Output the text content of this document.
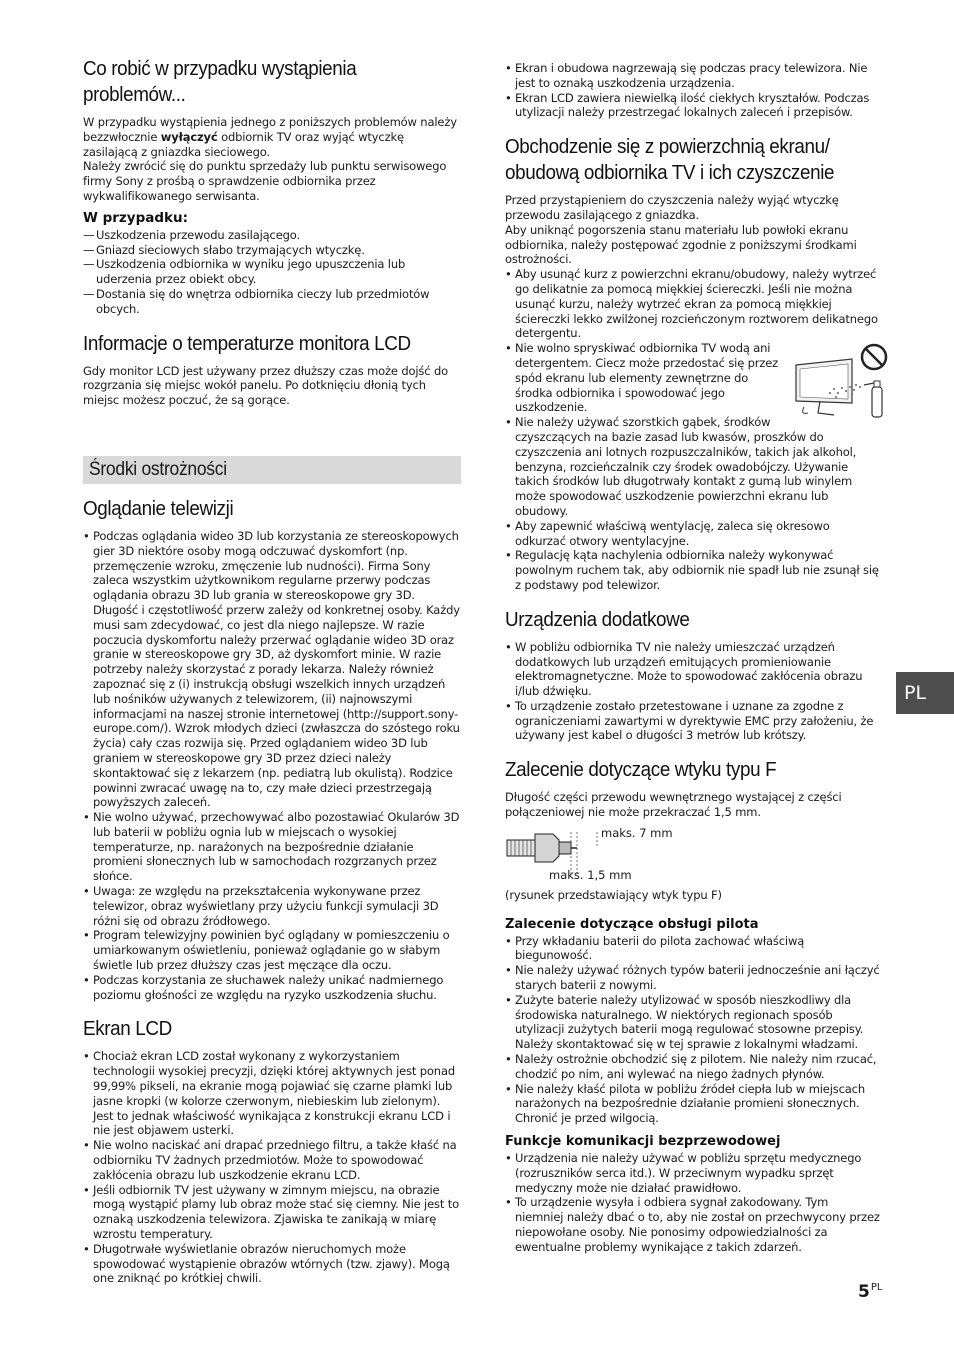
Co robić w przypadku wystąpienia
problemów...

W przypadku wystąpienia jednego z poniższych problemów należy bezzwłocznie wyłączyć odbiornik TV oraz wyjąć wtyczkę zasilającą z gniazdka sieciowego.

Należy zwrócić się do punktu sprzedaży lub punktu serwisowego firmy Sony z prośbą o sprawdzenie odbiornika przez wykwalifikowanego serwisanta.

W przypadku:
— Uszkodzenia przewodu zasilającego.
— Gniazd sieciowych słabo trzymających wtyczkę.
— Uszkodzenia odbiornika w wyniku jego upuszczenia lub uderzenia przez obiekt obcy.
— Dostania się do wnętrza odbiornika cieczy lub przedmiotów obcych.
Informacje o temperaturze monitora LCD

Gdy monitor LCD jest używany przez dłuższy czas może dojść do rozgrzania się miejsc wokół panelu. Po dotknięciu dłonią tych miejsc możesz poczuć, że są gorące.

Środki ostrożności
Oglądanie telewizji
• Podczas oglądania wideo 3D lub korzystania ze stereoskopowych gier 3D niektóre osoby mogą odczuwać dyskomfort (np. przemęczenie wzroku, zmęczenie lub nudności). Firma Sony zaleca wszystkim użytkownikom regularne przerwy podczas oglądania obrazu 3D lub grania w stereoskopowe gry 3D. Długość i częstotliwość przerw zależy od konkretnej osoby. Każdy musi sam zdecydować, co jest dla niego najlepsze. W razie poczucia dyskomfortu należy przerwać oglądanie wideo 3D oraz granie w stereoskopowe gry 3D, aż dyskomfort minie. W razie potrzeby należy skorzystać z porady lekarza. Należy również zapoznać się z (i) instrukcją obsługi wszelkich innych urządzeń lub nośników używanych z telewizorem, (ii) najnowszymi informacjami na naszej stronie internetowej (http://support.sony-europe.com/). Wzrok młodych dzieci (zwłaszcza do szóstego roku życia) cały czas rozwija się. Przed oglądaniem wideo 3D lub graniem w stereoskopowe gry 3D przez dzieci należy skontaktować się z lekarzem (np. pediatrą lub okulistą). Rodzice powinni zwracać uwagę na to, czy małe dzieci przestrzegają powyższych zaleceń.
• Nie wolno używać, przechowywać albo pozostawiać Okularów 3D lub baterii w pobliżu ognia lub w miejscach o wysokiej temperaturze, np. narażonych na bezpośrednie działanie promieni słonecznych lub w samochodach rozgrzanych przez słońce.
• Uwaga: ze względu na przekształcenia wykonywane przez telewizor, obraz wyświetlany przy użyciu funkcji symulacji 3D różni się od obrazu źródłowego.
• Program telewizyjny powinien być oglądany w pomieszczeniu o umiarkowanym oświetleniu, ponieważ oglądanie go w słabym świetle lub przez dłuższy czas jest męczące dla oczu.
• Podczas korzystania ze słuchawek należy unikać nadmiernego poziomu głośności ze względu na ryzyko uszkodzenia słuchu.
Ekran LCD
• Chociaż ekran LCD został wykonany z wykorzystaniem technologii wysokiej precyzji, dzięki której aktywnych jest ponad 99,99% pikseli, na ekranie mogą pojawiać się czarne plamki lub jasne kropki (w kolorze czerwonym, niebieskim lub zielonym). Jest to jednak właściwość wynikająca z konstrukcji ekranu LCD i nie jest objawem usterki.
• Nie wolno naciskać ani drapać przedniego filtru, a także kłaść na odbiorniku TV żadnych przedmiotów. Może to spowodować zakłócenia obrazu lub uszkodzenie ekranu LCD.
• Jeśli odbiornik TV jest używany w zimnym miejscu, na obrazie mogą wystąpić plamy lub obraz może stać się ciemny. Nie jest to oznaką uszkodzenia telewizora. Zjawiska te zanikają w miarę wzrostu temperatury.
• Długotrwałe wyświetlanie obrazów nieruchomych może spowodować wystąpienie obrazów wtórnych (tzw. zjawy). Mogą one zniknąć po krótkiej chwili.
• Ekran i obudowa nagrzewają się podczas pracy telewizora. Nie jest to oznaką uszkodzenia urządzenia.
• Ekran LCD zawiera niewielką ilość ciekłych kryształów. Podczas utylizacji należy przestrzegać lokalnych zaleceń i przepisów.
Obchodzenie się z powierzchnią ekranu/
obudową odbiornika TV i ich czyszczenie

Przed przystąpieniem do czyszczenia należy wyjąć wtyczkę przewodu zasilającego z gniazdka.

Aby uniknąć pogorszenia stanu materiału lub powłoki ekranu odbiornika, należy postępować zgodnie z poniższymi środkami ostrożności.

• Aby usunąć kurz z powierzchni ekranu/obudowy, należy wytrzeć go delikatnie za pomocą miękkiej ściereczki. Jeśli nie można usunąć kurzu, należy wytrzeć ekran za pomocą miękkiej ściereczki lekko zwilżonej rozcieńczonym roztworem delikatnego detergentu.
• Nie wolno spryskiwać odbiornika TV wodą ani detergentem. Ciecz może przedostać się przez spód ekranu lub elementy zewnętrzne do środka odbiornika i spowodować jego uszkodzenie.
• Nie należy używać szorstkich gąbek, środków czyszczących na bazie zasad lub kwasów, proszków do czyszczenia ani lotnych rozpuszczalników, takich jak alkohol, benzyna, rozcieńczalnik czy środek owadobójczy. Używanie takich środków lub długotrwały kontakt z gumą lub winylem może spowodować uszkodzenie powierzchni ekranu lub obudowy.
• Aby zapewnić właściwą wentylację, zaleca się okresowo odkurzać otwory wentylacyjne.
• Regulację kąta nachylenia odbiornika należy wykonywać powolnym ruchem tak, aby odbiornik nie spadł lub nie zsunął się z podstawy pod telewizor.
Urządzenia dodatkowe
• W pobliżu odbiornika TV nie należy umieszczać urządzeń dodatkowych lub urządzeń emitujących promieniowanie elektromagnetyczne. Może to spowodować zakłócenia obrazu i/lub dźwięku.
• To urządzenie zostało przetestowane i uznane za zgodne z ograniczeniami zawartymi w dyrektywie EMC przy założeniu, że używany jest kabel o długości 3 metrów lub krótszy.
Zalecenie dotyczące wtyku typu F

Długość części przewodu wewnętrznego wystającej z części połączeniowej nie może przekraczać 1,5 mm.

maks. 7 mm
maks. 1,5 mm

(rysunek przedstawiający wtyk typu F)

Zalecenie dotyczące obsługi pilota
• Przy wkładaniu baterii do pilota zachować właściwą biegunowość.
• Nie należy używać różnych typów baterii jednocześnie ani łączyć starych baterii z nowymi.
• Zużyte baterie należy utylizować w sposób nieszkodliwy dla środowiska naturalnego. W niektórych regionach sposób utylizacji zużytych baterii mogą regulować stosowne przepisy. Należy skontaktować się w tej sprawie z lokalnymi władzami.
• Należy ostrożnie obchodzić się z pilotem. Nie należy nim rzucać, chodzić po nim, ani wylewać na niego żadnych płynów.
• Nie należy kłaść pilota w pobliżu źródeł ciepła lub w miejscach narażonych na bezpośrednie działanie promieni słonecznych. Chronić je przed wilgocią.
Funkcje komunikacji bezprzewodowej
• Urządzenia nie należy używać w pobliżu sprzętu medycznego (rozruszników serca itd.). W przeciwnym wypadku sprzęt medyczny może nie działać prawidłowo.
• To urządzenie wysyła i odbiera sygnał zakodowany. Tym niemniej należy dbać o to, aby nie został on przechwycony przez niepowołane osoby. Nie ponosimy odpowiedzialności za ewentualne problemy wynikające z takich zdarzeń.
PL
$5^{PL}$
